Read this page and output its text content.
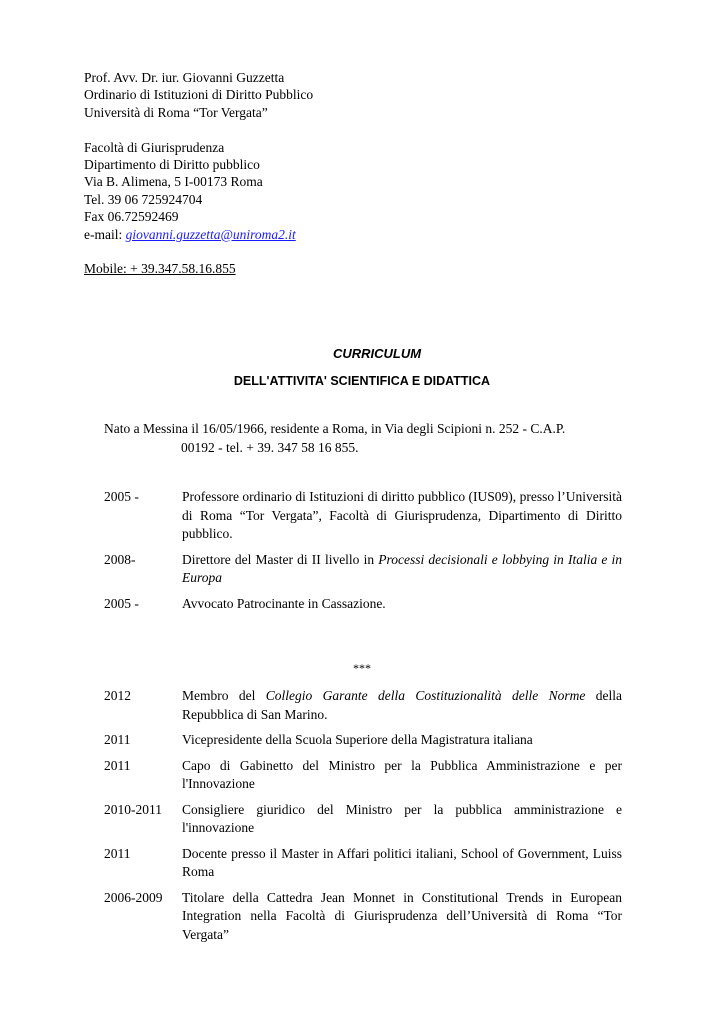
Prof. Avv. Dr. iur. Giovanni Guzzetta
Ordinario di Istituzioni di Diritto Pubblico
Università di Roma “Tor Vergata”
Facoltà di Giurisprudenza
Dipartimento di Diritto pubblico
Via B. Alimena, 5 I-00173 Roma
Tel. 39 06 725924704
Fax 06.72592469
e-mail: giovanni.guzzetta@uniroma2.it
Mobile: + 39.347.58.16.855
CURRICULUM
DELL'ATTIVITA' SCIENTIFICA E DIDATTICA
Nato a Messina il 16/05/1966, residente a Roma, in Via degli Scipioni n. 252 - C.A.P.
00192 - tel. + 39. 347 58 16 855.
2005 -	Professore ordinario di Istituzioni di diritto pubblico (IUS09), presso l’Università di Roma “Tor Vergata”, Facoltà di Giurisprudenza, Dipartimento di Diritto pubblico.
2008-	Direttore del Master di II livello in Processi decisionali e lobbying in Italia e in Europa
2005 -	Avvocato Patrocinante in Cassazione.
***
2012	Membro del Collegio Garante della Costituzionalità delle Norme della Repubblica di San Marino.
2011	Vicepresidente della Scuola Superiore della Magistratura italiana
2011	Capo di Gabinetto del Ministro per la Pubblica Amministrazione e per l'Innovazione
2010-2011	Consigliere giuridico del Ministro per la pubblica amministrazione e l'innovazione
2011	Docente presso il Master in Affari politici italiani, School of Government, Luiss Roma
2006-2009	Titolare della Cattedra Jean Monnet in Constitutional Trends in European Integration nella Facoltà di Giurisprudenza dell’Università di Roma “Tor Vergata”
